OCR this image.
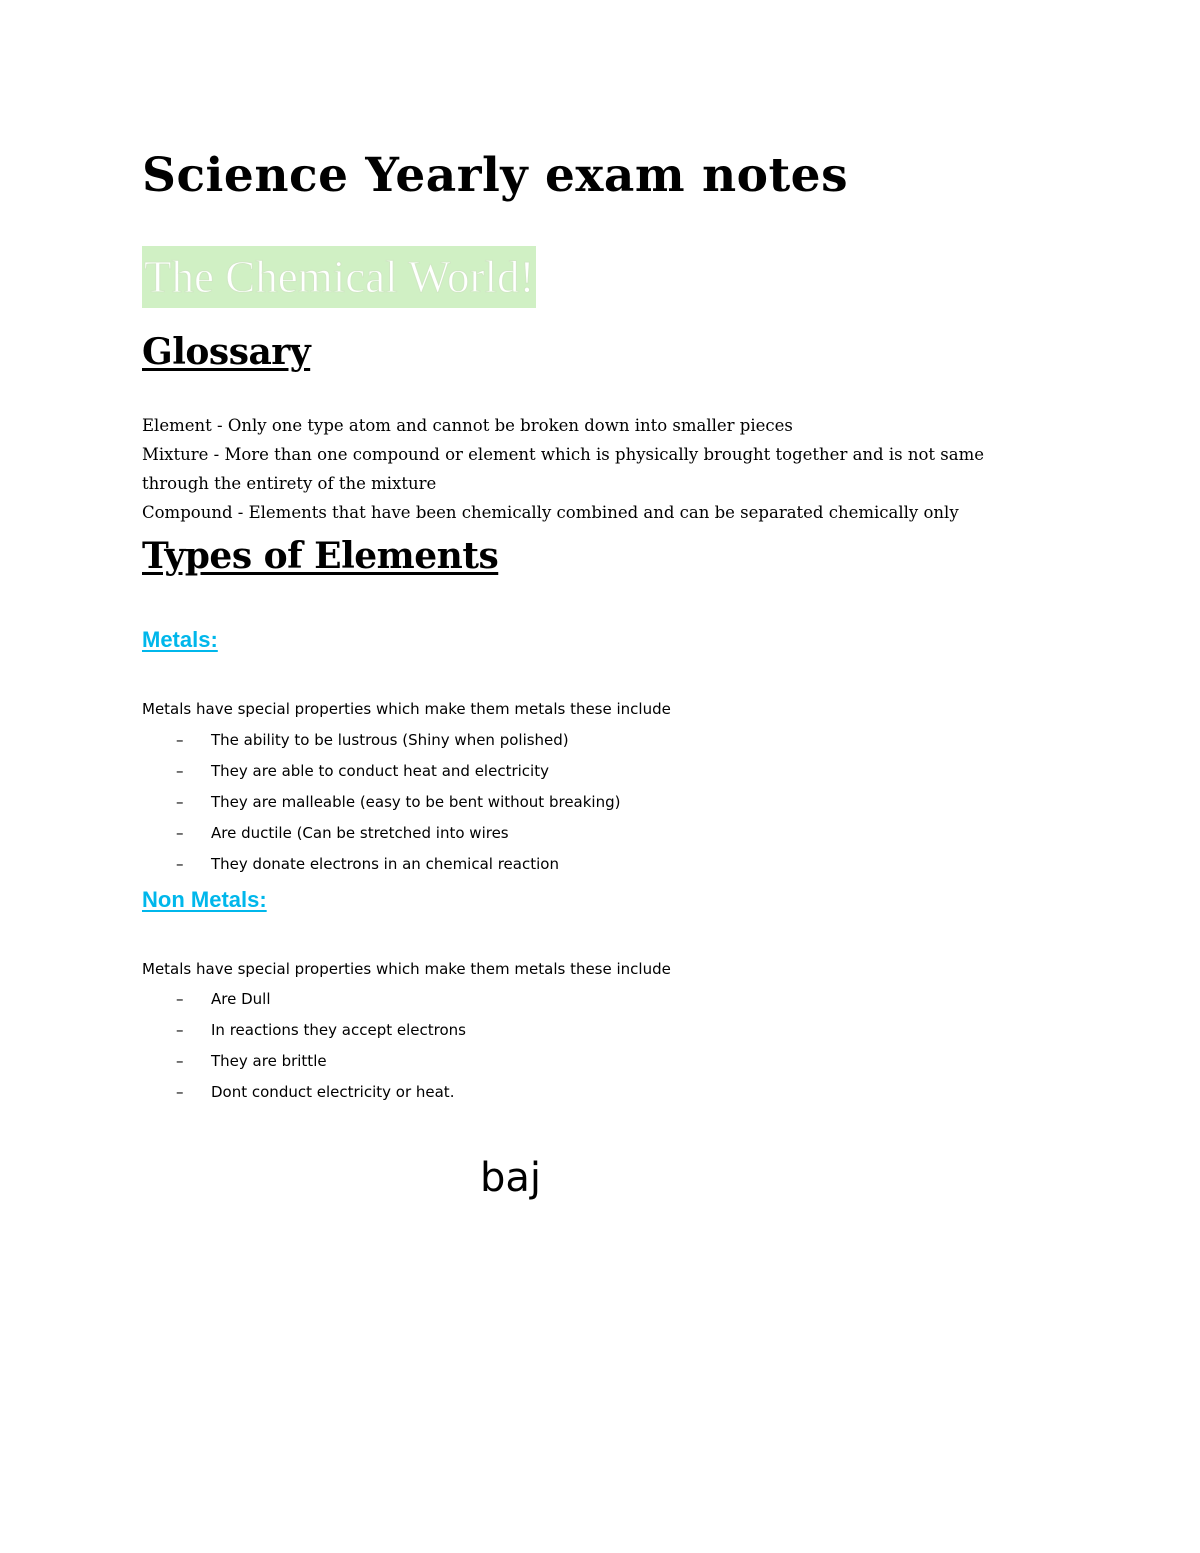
Science Yearly exam notes
The Chemical World!
Glossary

Element - Only one type atom and cannot be broken down into smaller pieces

Mixture - More than one compound or element which is physically brought together and is not same

through the entirety of the mixture

Compound - Elements that have been chemically combined and can be separated chemically only

Types of Elements
Metals:

Metals have special properties which make them metals these include

– The ability to be lustrous (Shiny when polished)
– They are able to conduct heat and electricity
– They are malleable (easy to be bent without breaking)
– Are ductile (Can be stretched into wires
– They donate electrons in an chemical reaction
Non Metals:

Metals have special properties which make them metals these include

– Are Dull
– In reactions they accept electrons
– They are brittle
– Dont conduct electricity or heat.
baj
